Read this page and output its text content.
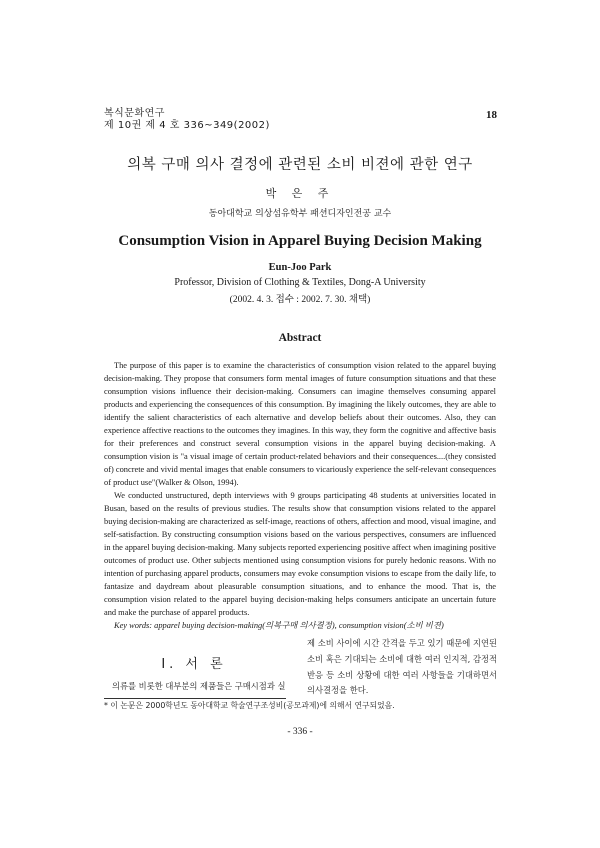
복식문화연구
제 10권 제 4 호 336~349(2002)
18
의복 구매 의사 결정에 관련된 소비 비젼에 관한 연구
박 은 주
동아대학교 의상섬유학부 패션디자인전공 교수
Consumption Vision in Apparel Buying Decision Making
Eun-Joo Park
Professor, Division of Clothing & Textiles, Dong-A University
(2002. 4. 3. 접수 : 2002. 7. 30. 채택)
Abstract

The purpose of this paper is to examine the characteristics of consumption vision related to the apparel buying decision-making. They propose that consumers form mental images of future consumption situations and that these consumption visions influence their decision-making. Consumers can imagine themselves consuming apparel products and experiencing the consequences of this consumption. By imagining the likely outcomes, they are able to identify the salient characteristics of each alternative and develop beliefs about their outcomes. Also, they can experience affective reactions to the outcomes they imagines. In this way, they form the cognitive and affective basis for their preferences and construct several consumption visions in the apparel buying decision-making. A consumption vision is "a visual image of certain product-related behaviors and their consequences....(they consisted of) concrete and vivid mental images that enable consumers to vicariously experience the self-relevant consequences of product use"(Walker & Olson, 1994).

We conducted unstructured, depth interviews with 9 groups participating 48 students at universities located in Busan, based on the results of previous studies. The results show that consumption visions related to the apparel buying decision-making are characterized as self-image, reactions of others, affection and mood, visual imagine, and self-satisfaction. By constructing consumption visions based on the various perspectives, consumers are influenced in the apparel buying decision-making. Many subjects reported experiencing positive affect when imagining positive outcomes of product use. Other subjects mentioned using consumption visions for purely hedonic reasons. With no intention of purchasing apparel products, consumers may evoke consumption visions to escape from the daily life, to fantasize and daydream about pleasurable consumption situations, and to enhance the mood. That is, the consumption vision related to the apparel buying decision-making helps consumers anticipate an uncertain future and make the purchase of apparel products.

Key words: apparel buying decision-making(의복구매 의사결정), consumption vision(소비 비젼)

I. 서 론
의류를 비롯한 대부분의 제품들은 구매시점과 실
제 소비 사이에 시간 간격을 두고 있기 때문에 지연된 소비 혹은 기대되는 소비에 대한 여러 인지적, 감정적 반응 등 소비 상황에 대한 여러 사항들을 기대하면서 의사결정을 한다.
* 이 논문은 2000학년도 동아대학교 학술연구조성비(공모과제)에 의해서 연구되었음.
- 336 -
